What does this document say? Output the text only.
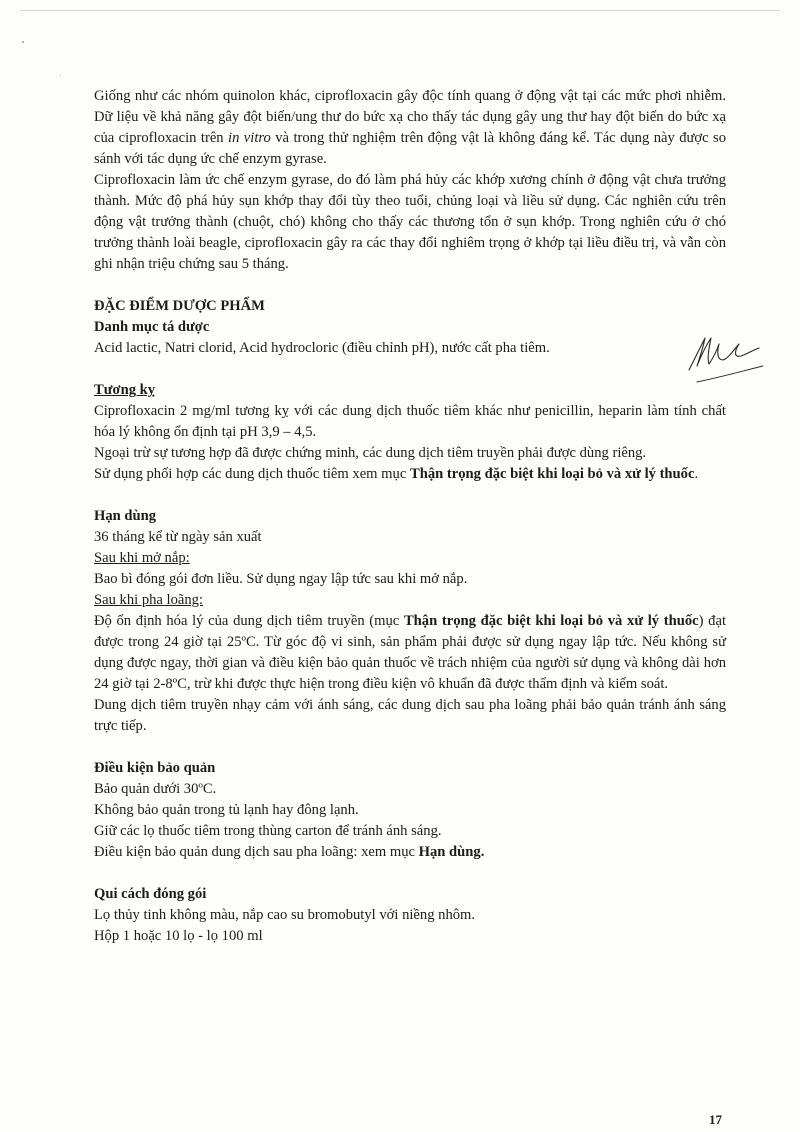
Giống như các nhóm quinolon khác, ciprofloxacin gây độc tính quang ở động vật tại các mức phơi nhiễm. Dữ liệu về khả năng gây đột biến/ung thư do bức xạ cho thấy tác dụng gây ung thư hay đột biến do bức xạ của ciprofloxacin trên in vitro và trong thử nghiệm trên động vật là không đáng kể. Tác dụng này được so sánh với tác dụng ức chế enzym gyrase.

Ciprofloxacin làm ức chế enzym gyrase, do đó làm phá hủy các khớp xương chính ở động vật chưa trưởng thành. Mức độ phá hủy sụn khớp thay đổi tùy theo tuổi, chủng loại và liều sử dụng. Các nghiên cứu trên động vật trưởng thành (chuột, chó) không cho thấy các thương tổn ở sụn khớp. Trong nghiên cứu ở chó trưởng thành loài beagle, ciprofloxacin gây ra các thay đổi nghiêm trọng ở khớp tại liều điều trị, và vẫn còn ghi nhận triệu chứng sau 5 tháng.

ĐẶC ĐIỂM DƯỢC PHẨM

Danh mục tá dược

Acid lactic, Natri clorid, Acid hydrocloric (điều chỉnh pH), nước cất pha tiêm.

Tương kỵ

Ciprofloxacin 2 mg/ml tương kỵ với các dung dịch thuốc tiêm khác như penicillin, heparin làm tính chất hóa lý không ổn định tại pH 3,9 – 4,5.

Ngoại trừ sự tương hợp đã được chứng minh, các dung dịch tiêm truyền phải được dùng riêng.

Sử dụng phối hợp các dung dịch thuốc tiêm xem mục Thận trọng đặc biệt khi loại bỏ và xử lý thuốc.

Hạn dùng

36 tháng kể từ ngày sản xuất

Sau khi mở nắp:

Bao bì đóng gói đơn liều. Sử dụng ngay lập tức sau khi mở nắp.

Sau khi pha loãng:

Độ ổn định hóa lý của dung dịch tiêm truyền (mục Thận trọng đặc biệt khi loại bỏ và xử lý thuốc) đạt được trong 24 giờ tại 25ºC. Từ góc độ vi sinh, sản phẩm phải được sử dụng ngay lập tức. Nếu không sử dụng được ngay, thời gian và điều kiện bảo quản thuốc về trách nhiệm của người sử dụng và không dài hơn 24 giờ tại 2-8ºC, trừ khi được thực hiện trong điều kiện vô khuẩn đã được thẩm định và kiểm soát.

Dung dịch tiêm truyền nhạy cảm với ánh sáng, các dung dịch sau pha loãng phải bảo quản tránh ánh sáng trực tiếp.

Điều kiện bảo quản

Bảo quản dưới 30ºC.

Không bảo quản trong tủ lạnh hay đông lạnh.

Giữ các lọ thuốc tiêm trong thùng carton để tránh ánh sáng.

Điều kiện bảo quản dung dịch sau pha loãng: xem mục Hạn dùng.

Qui cách đóng gói

Lọ thủy tinh không màu, nắp cao su bromobutyl với niềng nhôm.

Hộp 1 hoặc 10 lọ - lọ 100 ml

17
